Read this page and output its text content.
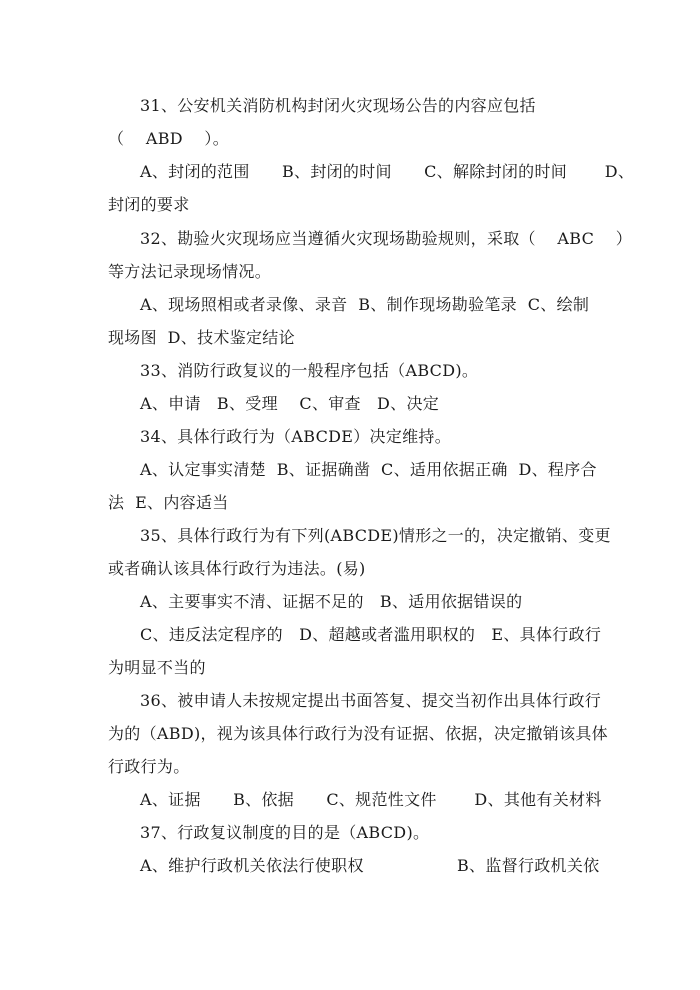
31、公安机关消防机构封闭火灾现场公告的内容应包括
（    ABD    ）。
A、封闭的范围      B、封闭的时间      C、解除封闭的时间       D、
封闭的要求
32、勘验火灾现场应当遵循火灾现场勘验规则，采取（    ABC    ）
等方法记录现场情况。
A、现场照相或者录像、录音  B、制作现场勘验笔录  C、绘制
现场图  D、技术鉴定结论
33、消防行政复议的一般程序包括（ABCD)。
A、申请   B、受理    C、审查   D、决定
34、具体行政行为（ABCDE）决定维持。
A、认定事实清楚  B、证据确凿  C、适用依据正确  D、程序合
法  E、内容适当
35、具体行政行为有下列(ABCDE)情形之一的，决定撤销、变更
或者确认该具体行政行为违法。(易)
A、主要事实不清、证据不足的   B、适用依据错误的
C、违反法定程序的   D、超越或者滥用职权的   E、具体行政行
为明显不当的
36、被申请人未按规定提出书面答复、提交当初作出具体行政行
为的（ABD)，视为该具体行政行为没有证据、依据，决定撤销该具体
行政行为。
A、证据      B、依据      C、规范性文件       D、其他有关材料
37、行政复议制度的目的是（ABCD)。
A、维护行政机关依法行使职权	B、监督行政机关依
